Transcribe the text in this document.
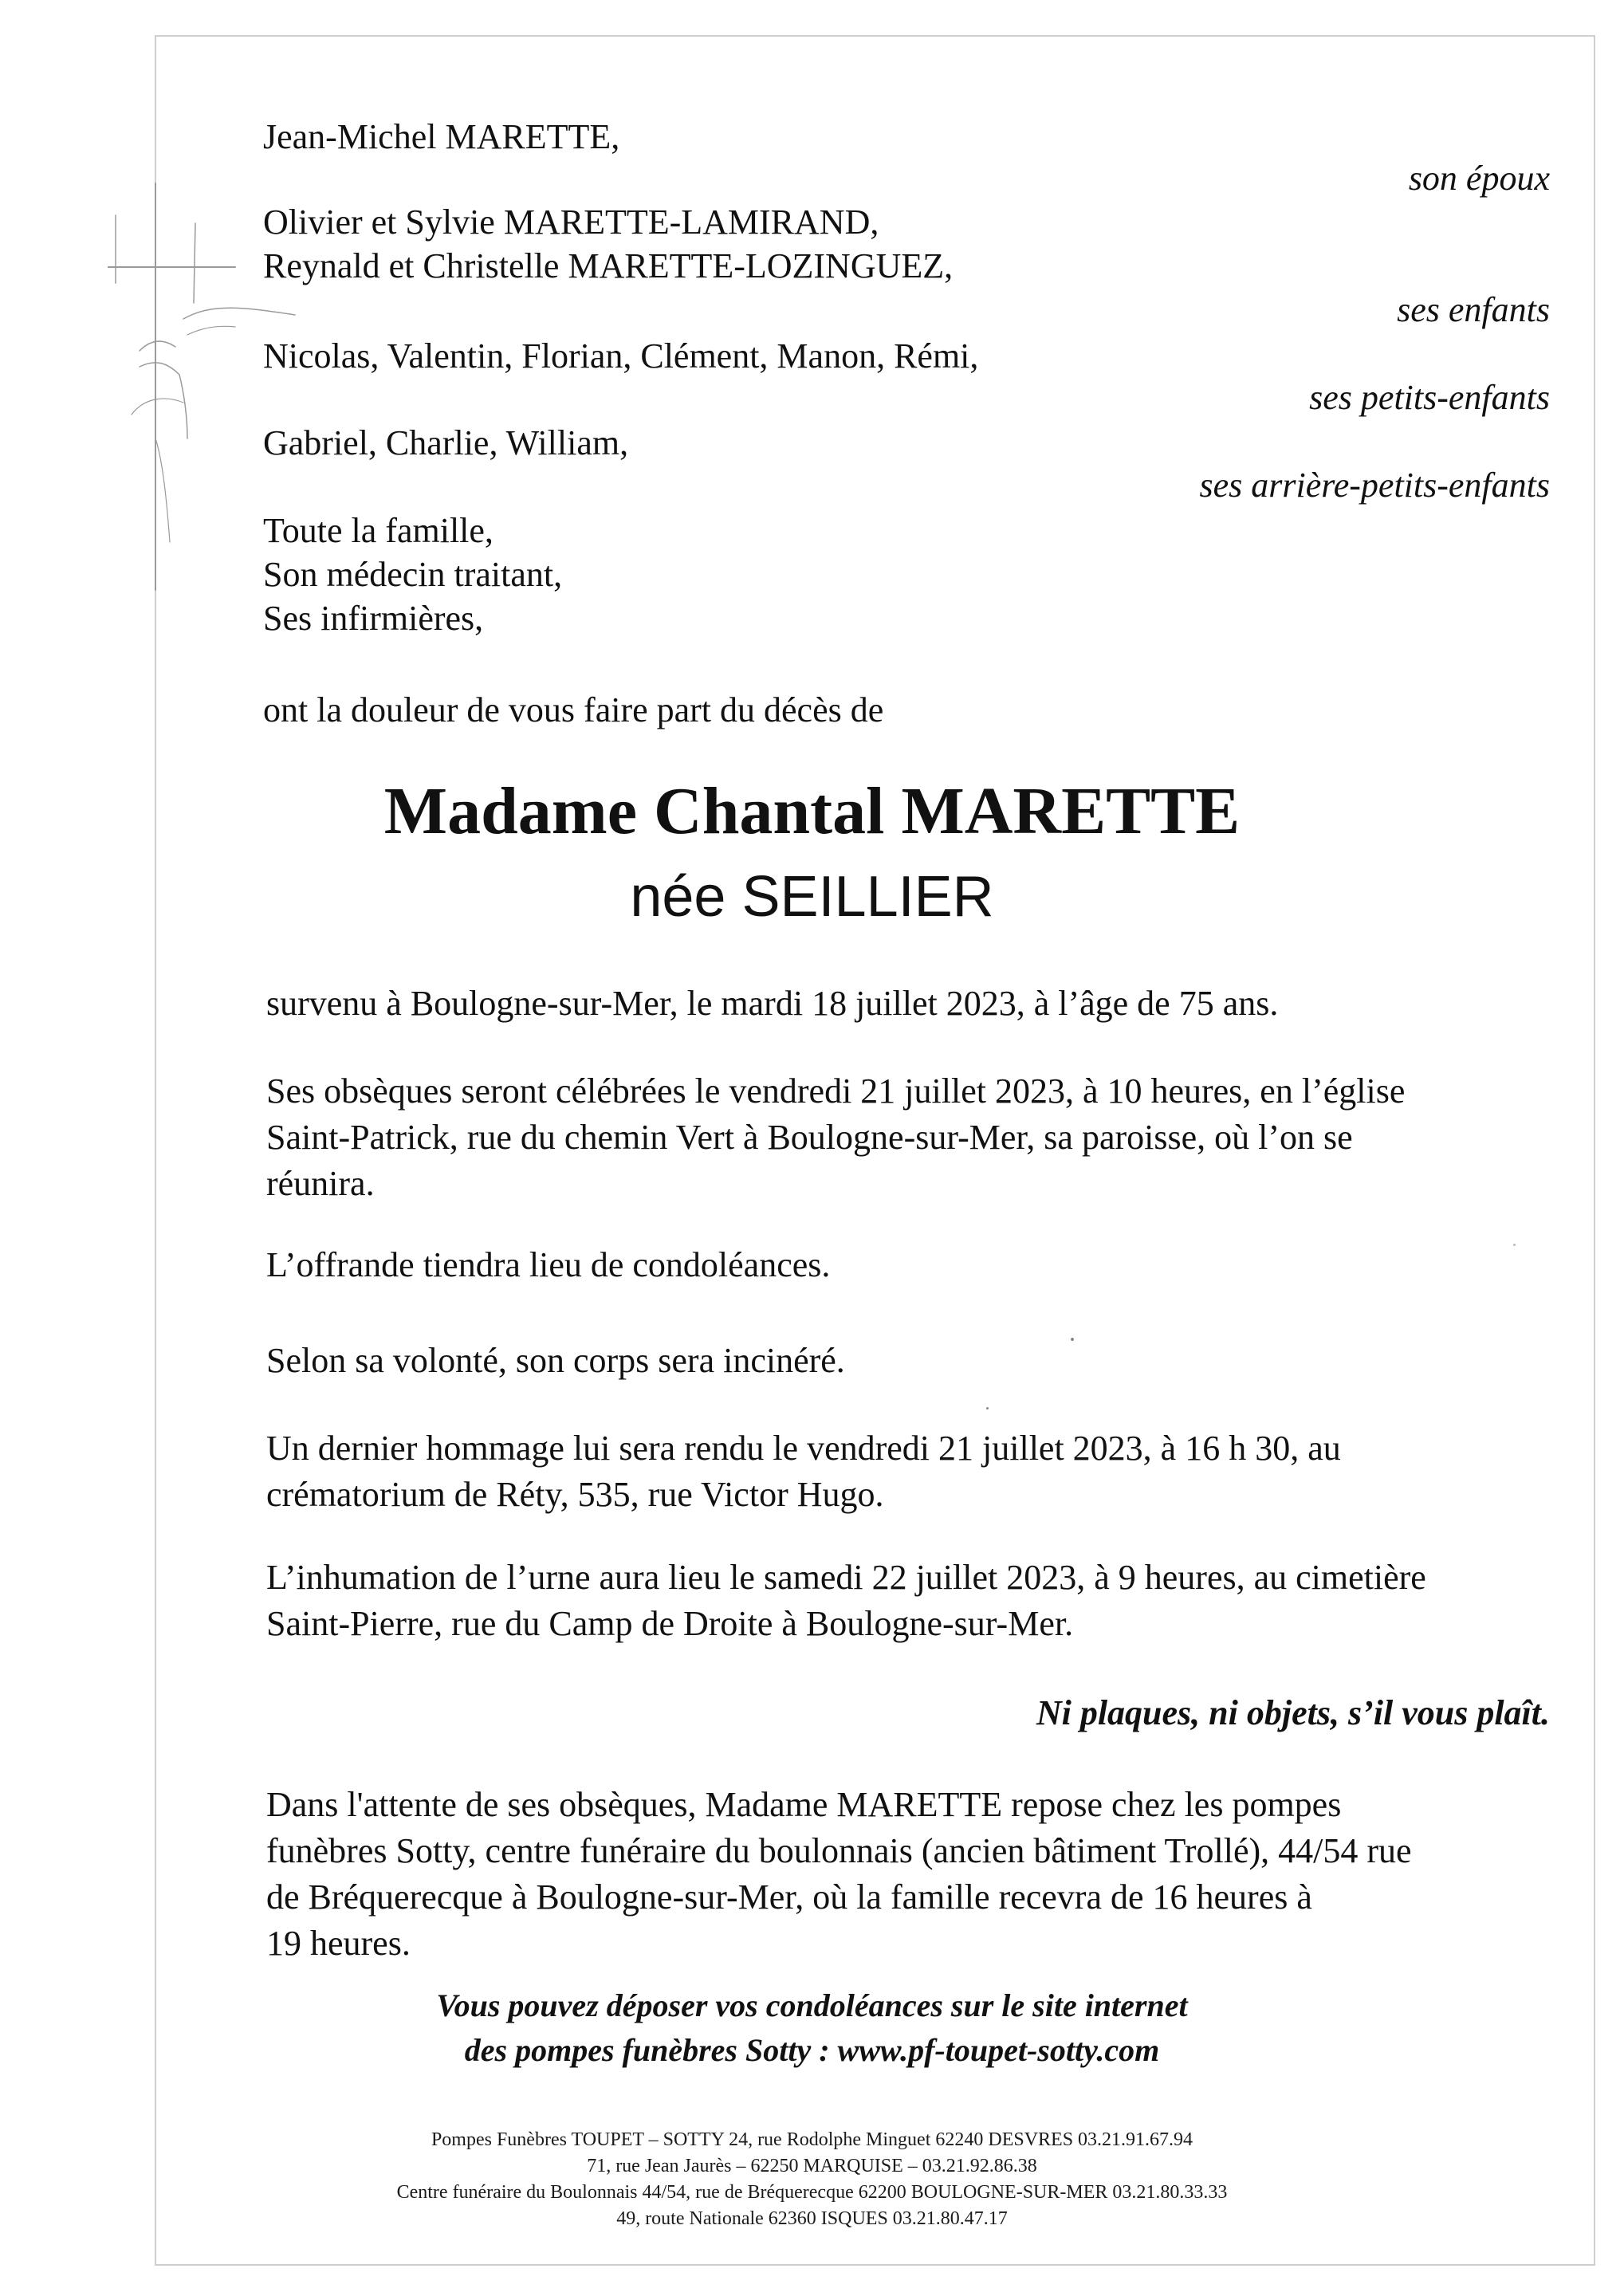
Jean-Michel MARETTE,
son époux
Olivier et Sylvie MARETTE-LAMIRAND,
Reynald et Christelle MARETTE-LOZINGUEZ,
ses enfants
Nicolas, Valentin, Florian, Clément, Manon, Rémi,
ses petits-enfants
Gabriel, Charlie, William,
ses arrière-petits-enfants
Toute la famille,
Son médecin traitant,
Ses infirmières,
ont la douleur de vous faire part du décès de
Madame Chantal MARETTE
née SEILLIER

survenu à Boulogne-sur-Mer, le mardi 18 juillet 2023, à l’âge de 75 ans.

Ses obsèques seront célébrées le vendredi 21 juillet 2023, à 10 heures, en l’église

Saint-Patrick, rue du chemin Vert à Boulogne-sur-Mer, sa paroisse, où l’on se

réunira.

L’offrande tiendra lieu de condoléances.

Selon sa volonté, son corps sera incinéré.

Un dernier hommage lui sera rendu le vendredi 21 juillet 2023, à 16 h 30, au

crématorium de Réty, 535, rue Victor Hugo.

L’inhumation de l’urne aura lieu le samedi 22 juillet 2023, à 9 heures, au cimetière

Saint-Pierre, rue du Camp de Droite à Boulogne-sur-Mer.

Ni plaques, ni objets, s’il vous plaît.

Dans l'attente de ses obsèques, Madame MARETTE repose chez les pompes

funèbres Sotty, centre funéraire du boulonnais (ancien bâtiment Trollé), 44/54 rue

de Bréquerecque à Boulogne-sur-Mer, où la famille recevra de 16 heures à

19 heures.

Vous pouvez déposer vos condoléances sur le site internet

des pompes funèbres Sotty : www.pf-toupet-sotty.com

Pompes Funèbres TOUPET – SOTTY 24, rue Rodolphe Minguet 62240 DESVRES 03.21.91.67.94

71, rue Jean Jaurès – 62250 MARQUISE – 03.21.92.86.38

Centre funéraire du Boulonnais 44/54, rue de Bréquerecque 62200 BOULOGNE-SUR-MER 03.21.80.33.33

49, route Nationale 62360 ISQUES 03.21.80.47.17
